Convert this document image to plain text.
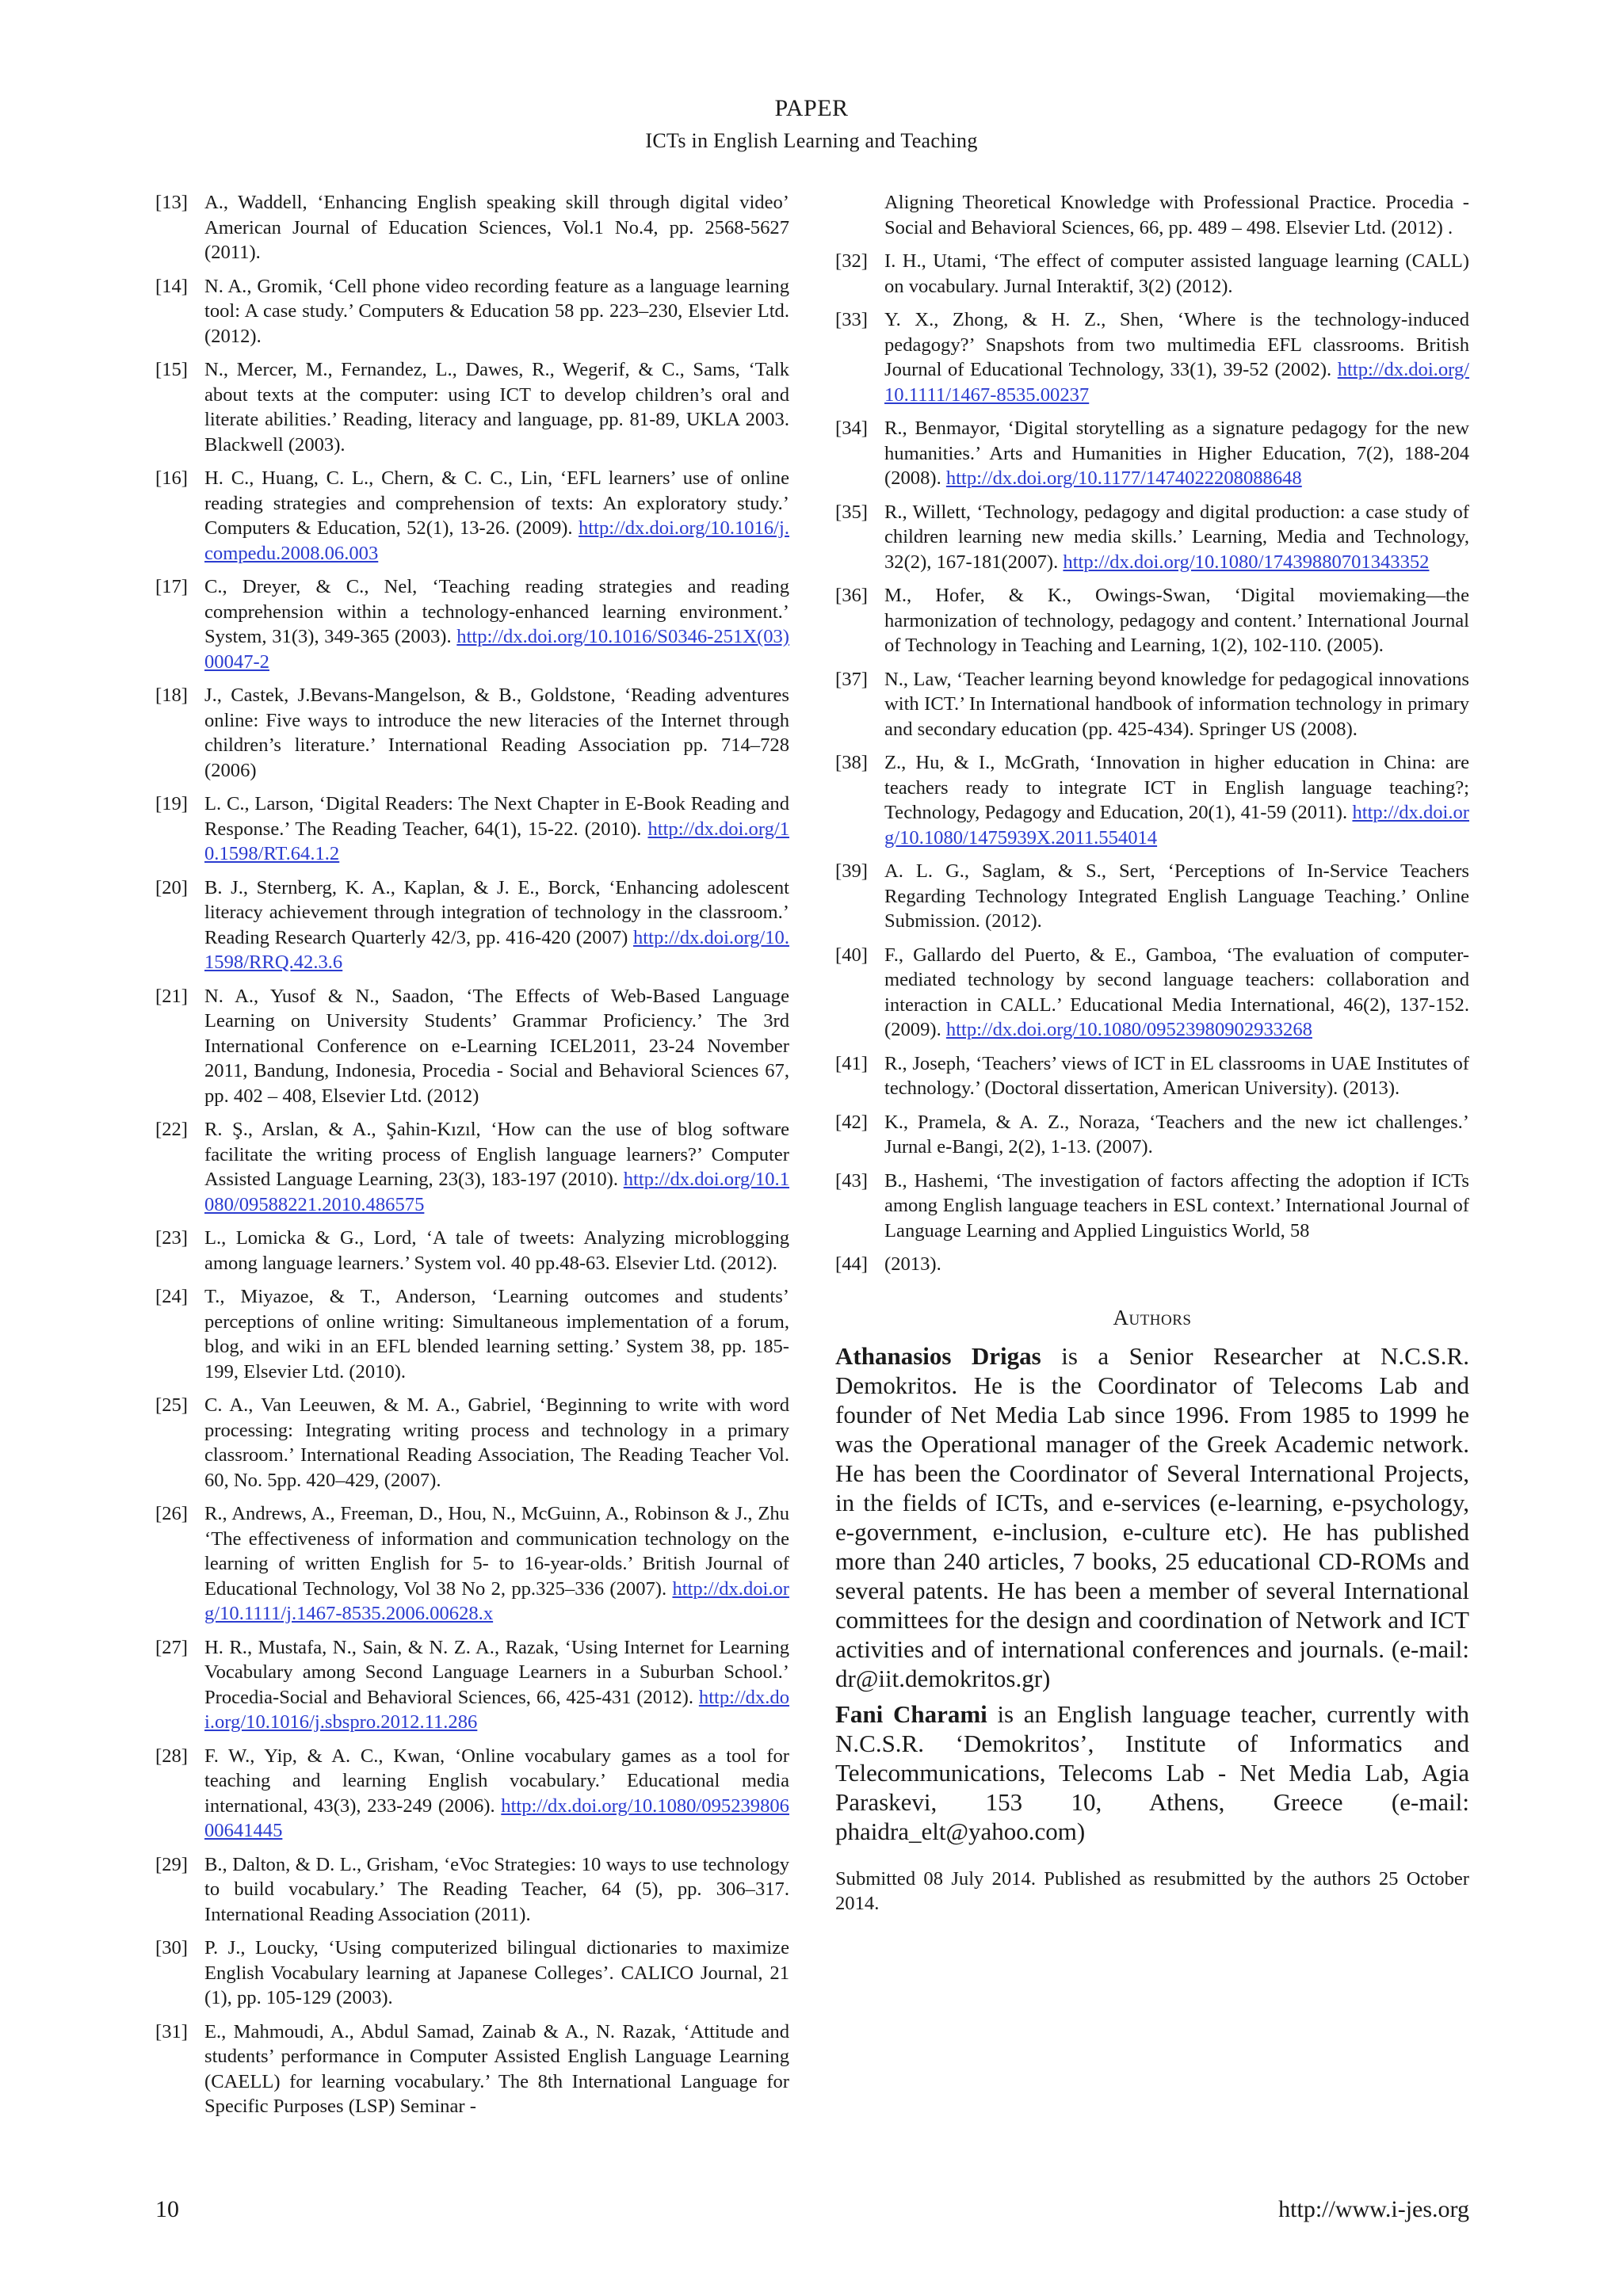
PAPER
ICTs in English Learning and Teaching
[13] A., Waddell, ‘Enhancing English speaking skill through digital video’ American Journal of Education Sciences, Vol.1 No.4, pp. 2568-5627 (2011).
[14] N. A., Gromik, ‘Cell phone video recording feature as a language learning tool: A case study.’ Computers & Education 58 pp. 223–230, Elsevier Ltd. (2012).
[15] N., Mercer, M., Fernandez, L., Dawes, R., Wegerif, & C., Sams, ‘Talk about texts at the computer: using ICT to develop children’s oral and literate abilities.’ Reading, literacy and language, pp. 81-89, UKLA 2003. Blackwell (2003).
[16] H. C., Huang, C. L., Chern, & C. C., Lin, ‘EFL learners’ use of online reading strategies and comprehension of texts: An exploratory study.’ Computers & Education, 52(1), 13-26. (2009). http://dx.doi.org/10.1016/j.compedu.2008.06.003
[17] C., Dreyer, & C., Nel, ‘Teaching reading strategies and reading comprehension within a technology-enhanced learning environment.’ System, 31(3), 349-365 (2003). http://dx.doi.org/10.1016/S0346-251X(03)00047-2
[18] J., Castek, J.Bevans-Mangelson, & B., Goldstone, ‘Reading adventures online: Five ways to introduce the new literacies of the Internet through children’s literature.’ International Reading Association pp. 714–728 (2006)
[19] L. C., Larson, ‘Digital Readers: The Next Chapter in E-Book Reading and Response.’ The Reading Teacher, 64(1), 15-22. (2010). http://dx.doi.org/10.1598/RT.64.1.2
[20] B. J., Sternberg, K. A., Kaplan, & J. E., Borck, ‘Enhancing adolescent literacy achievement through integration of technology in the classroom.’ Reading Research Quarterly 42/3, pp. 416-420 (2007) http://dx.doi.org/10.1598/RRQ.42.3.6
[21] N. A., Yusof & N., Saadon, ‘The Effects of Web-Based Language Learning on University Students’ Grammar Proficiency.’ The 3rd International Conference on e-Learning ICEL2011, 23-24 November 2011, Bandung, Indonesia, Procedia - Social and Behavioral Sciences 67, pp. 402 – 408, Elsevier Ltd. (2012)
[22] R. Ş., Arslan, & A., Şahin-Kızıl, ‘How can the use of blog software facilitate the writing process of English language learners?’ Computer Assisted Language Learning, 23(3), 183-197 (2010). http://dx.doi.org/10.1080/09588221.2010.486575
[23] L., Lomicka & G., Lord, ‘A tale of tweets: Analyzing microblogging among language learners.’ System vol. 40 pp.48-63. Elsevier Ltd. (2012).
[24] T., Miyazoe, & T., Anderson, ‘Learning outcomes and students’ perceptions of online writing: Simultaneous implementation of a forum, blog, and wiki in an EFL blended learning setting.’ System 38, pp. 185-199, Elsevier Ltd. (2010).
[25] C. A., Van Leeuwen, & M. A., Gabriel, ‘Beginning to write with word processing: Integrating writing process and technology in a primary classroom.’ International Reading Association, The Reading Teacher Vol. 60, No. 5pp. 420–429, (2007).
[26] R., Andrews, A., Freeman, D., Hou, N., McGuinn, A., Robinson & J., Zhu ‘The effectiveness of information and communication technology on the learning of written English for 5- to 16-year-olds.’ British Journal of Educational Technology, Vol 38 No 2, pp.325–336 (2007). http://dx.doi.org/10.1111/j.1467-8535.2006.00628.x
[27] H. R., Mustafa, N., Sain, & N. Z. A., Razak, ‘Using Internet for Learning Vocabulary among Second Language Learners in a Suburban School.’ Procedia-Social and Behavioral Sciences, 66, 425-431 (2012). http://dx.doi.org/10.1016/j.sbspro.2012.11.286
[28] F. W., Yip, & A. C., Kwan, ‘Online vocabulary games as a tool for teaching and learning English vocabulary.’ Educational media international, 43(3), 233-249 (2006). http://dx.doi.org/10.1080/09523980600641445
[29] B., Dalton, & D. L., Grisham, ‘eVoc Strategies: 10 ways to use technology to build vocabulary.’ The Reading Teacher, 64 (5), pp. 306–317. International Reading Association (2011).
[30] P. J., Loucky, ‘Using computerized bilingual dictionaries to maximize English Vocabulary learning at Japanese Colleges’. CALICO Journal, 21 (1), pp. 105-129 (2003).
[31] E., Mahmoudi, A., Abdul Samad, Zainab & A., N. Razak, ‘Attitude and students’ performance in Computer Assisted English Language Learning (CAELL) for learning vocabulary.’ The 8th International Language for Specific Purposes (LSP) Seminar -
Aligning Theoretical Knowledge with Professional Practice. Procedia - Social and Behavioral Sciences, 66, pp. 489 – 498. Elsevier Ltd. (2012) .
[32] I. H., Utami, ‘The effect of computer assisted language learning (CALL) on vocabulary. Jurnal Interaktif, 3(2) (2012).
[33] Y. X., Zhong, & H. Z., Shen, ‘Where is the technology-induced pedagogy?’ Snapshots from two multimedia EFL classrooms. British Journal of Educational Technology, 33(1), 39-52 (2002). http://dx.doi.org/10.1111/1467-8535.00237
[34] R., Benmayor, ‘Digital storytelling as a signature pedagogy for the new humanities.’ Arts and Humanities in Higher Education, 7(2), 188-204 (2008). http://dx.doi.org/10.1177/1474022208088648
[35] R., Willett, ‘Technology, pedagogy and digital production: a case study of children learning new media skills.’ Learning, Media and Technology, 32(2), 167-181(2007). http://dx.doi.org/10.1080/17439880701343352
[36] M., Hofer, & K., Owings-Swan, ‘Digital moviemaking—the harmonization of technology, pedagogy and content.’ International Journal of Technology in Teaching and Learning, 1(2), 102-110. (2005).
[37] N., Law, ‘Teacher learning beyond knowledge for pedagogical innovations with ICT.’ In International handbook of information technology in primary and secondary education (pp. 425-434). Springer US (2008).
[38] Z., Hu, & I., McGrath, ‘Innovation in higher education in China: are teachers ready to integrate ICT in English language teaching?; Technology, Pedagogy and Education, 20(1), 41-59 (2011). http://dx.doi.org/10.1080/1475939X.2011.554014
[39] A. L. G., Saglam, & S., Sert, ‘Perceptions of In-Service Teachers Regarding Technology Integrated English Language Teaching.’ Online Submission. (2012).
[40] F., Gallardo del Puerto, & E., Gamboa, ‘The evaluation of computer-mediated technology by second language teachers: collaboration and interaction in CALL.’ Educational Media International, 46(2), 137-152. (2009). http://dx.doi.org/10.1080/09523980902933268
[41] R., Joseph, ‘Teachers’ views of ICT in EL classrooms in UAE Institutes of technology.’ (Doctoral dissertation, American University). (2013).
[42] K., Pramela, & A. Z., Noraza, ‘Teachers and the new ict challenges.’ Jurnal e-Bangi, 2(2), 1-13. (2007).
[43] B., Hashemi, ‘The investigation of factors affecting the adoption if ICTs among English language teachers in ESL context.’ International Journal of Language Learning and Applied Linguistics World, 58
[44] (2013).
Authors

Athanasios Drigas is a Senior Researcher at N.C.S.R. Demokritos. He is the Coordinator of Telecoms Lab and founder of Net Media Lab since 1996. From 1985 to 1999 he was the Operational manager of the Greek Academic network. He has been the Coordinator of Several International Projects, in the fields of ICTs, and e-services (e-learning, e-psychology, e-government, e-inclusion, e-culture etc). He has published more than 240 articles, 7 books, 25 educational CD-ROMs and several patents. He has been a member of several International committees for the design and coordination of Network and ICT activities and of international conferences and journals. (e-mail: dr@iit.demokritos.gr)

Fani Charami is an English language teacher, currently with N.C.S.R. ‘Demokritos’, Institute of Informatics and Telecommunications, Telecoms Lab - Net Media Lab, Agia Paraskevi, 153 10, Athens, Greece (e-mail: phaidra_elt@yahoo.com)

Submitted 08 July 2014. Published as resubmitted by the authors 25 October 2014.
10	http://www.i-jes.org
